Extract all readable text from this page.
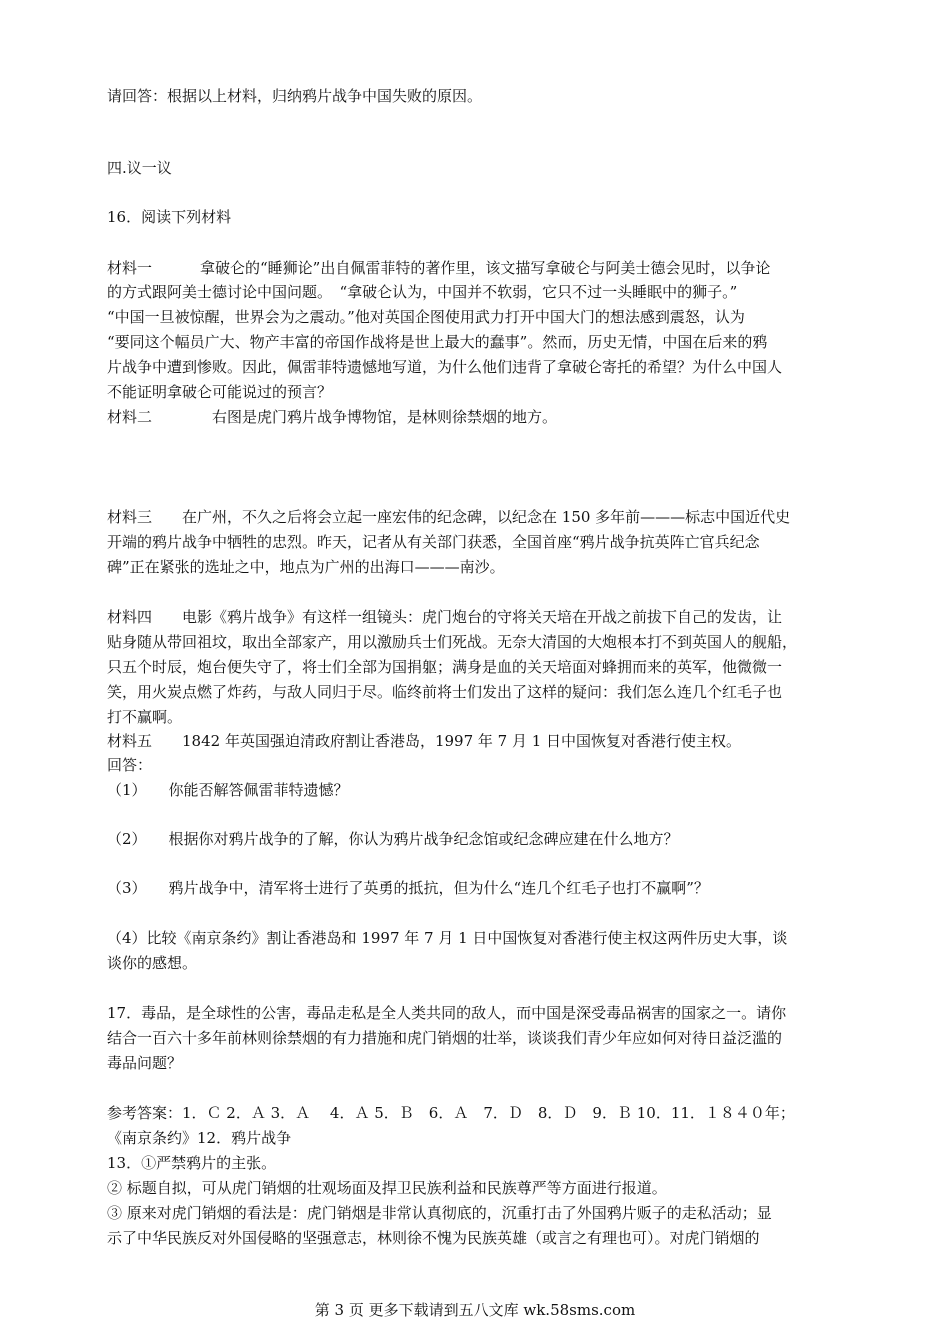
请回答：根据以上材料，归纳鸦片战争中国失败的原因。
四.议一议
16．阅读下列材料
材料一	拿破仑的“睡狮论”出自佩雷菲特的著作里，该文描写拿破仑与阿美士德会见时，以争论
的方式跟阿美士德讨论中国问题。　“拿破仑认为，中国并不软弱，它只不过一头睡眠中的狮子。”
“中国一旦被惊醒，世界会为之震动。”他对英国企图使用武力打开中国大门的想法感到震怒，认为
“要同这个幅员广大、物产丰富的帝国作战将是世上最大的蠢事”。然而，历史无情，中国在后来的鸦
片战争中遭到惨败。因此，佩雷菲特遗憾地写道，为什么他们违背了拿破仑寄托的希望？为什么中国人
不能证明拿破仑可能说过的预言？
材料二	右图是虎门鸦片战争博物馆，是林则徐禁烟的地方。
材料三 在广州，不久之后将会立起一座宏伟的纪念碑，以纪念在 150 多年前———标志中国近代史
开端的鸦片战争中牺牲的忠烈。昨天，记者从有关部门获悉，全国首座“鸦片战争抗英阵亡官兵纪念
碑”正在紧张的选址之中，地点为广州的出海口———南沙。
材料四 电影《鸦片战争》有这样一组镜头：虎门炮台的守将关天培在开战之前拔下自己的发齿，让
贴身随从带回祖坟，取出全部家产，用以激励兵士们死战。无奈大清国的大炮根本打不到英国人的舰船，
只五个时辰，炮台便失守了，将士们全部为国捐躯；满身是血的关天培面对蜂拥而来的英军，他微微一
笑，用火炭点燃了炸药，与敌人同归于尽。临终前将士们发出了这样的疑问：我们怎么连几个红毛子也
打不赢啊。
材料五 1842 年英国强迫清政府割让香港岛，1997 年 7 月 1 日中国恢复对香港行使主权。
回答：
（1） 你能否解答佩雷菲特遗憾？
（2） 根据你对鸦片战争的了解，你认为鸦片战争纪念馆或纪念碑应建在什么地方？
（3） 鸦片战争中，清军将士进行了英勇的抵抗，但为什么“连几个红毛子也打不赢啊”？
（4）比较《南京条约》割让香港岛和 1997 年 7 月 1 日中国恢复对香港行使主权这两件历史大事，谈
谈你的感想。
17．毒品，是全球性的公害，毒品走私是全人类共同的敌人，而中国是深受毒品祸害的国家之一。请你
结合一百六十多年前林则徐禁烟的有力措施和虎门销烟的壮举，谈谈我们青少年应如何对待日益泛滥的
毒品问题？
参考答案：1．Ｃ 2．Ａ 3．Ａ　 4．Ａ 5．Ｂ　6．Ａ　7．Ｄ　8．Ｄ　9．Ｂ 10．11．１８４０年；
《南京条约》12．鸦片战争
13．①严禁鸦片的主张。
② 标题自拟，可从虎门销烟的壮观场面及捍卫民族利益和民族尊严等方面进行报道。
③ 原来对虎门销烟的看法是：虎门销烟是非常认真彻底的，沉重打击了外国鸦片贩子的走私活动；显
示了中华民族反对外国侵略的坚强意志，林则徐不愧为民族英雄（或言之有理也可）。对虎门销烟的
第 3 页 更多下载请到五八文库 wk.58sms.com
